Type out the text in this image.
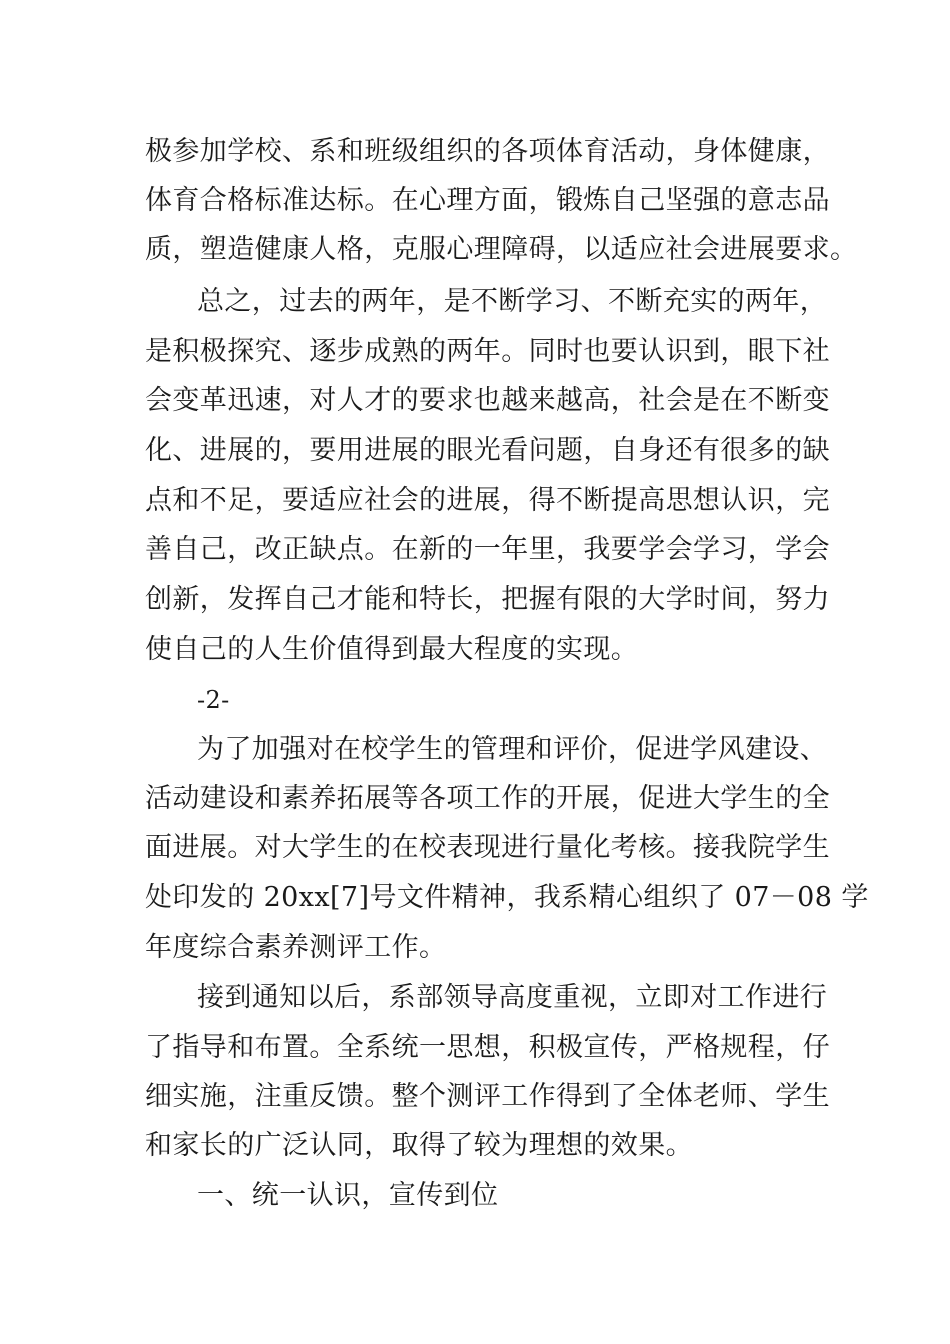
极参加学校、系和班级组织的各项体育活动，身体健康，
体育合格标准达标。在心理方面，锻炼自己坚强的意志品
质，塑造健康人格，克服心理障碍，以适应社会进展要求。
总之，过去的两年，是不断学习、不断充实的两年，
是积极探究、逐步成熟的两年。同时也要认识到，眼下社
会变革迅速，对人才的要求也越来越高，社会是在不断变
化、进展的，要用进展的眼光看问题，自身还有很多的缺
点和不足，要适应社会的进展，得不断提高思想认识，完
善自己，改正缺点。在新的一年里，我要学会学习，学会
创新，发挥自己才能和特长，把握有限的大学时间，努力
使自己的人生价值得到最大程度的实现。
-2-
为了加强对在校学生的管理和评价，促进学风建设、
活动建设和素养拓展等各项工作的开展，促进大学生的全
面进展。对大学生的在校表现进行量化考核。接我院学生
处印发的 20xx[7]号文件精神，我系精心组织了 07－08 学
年度综合素养测评工作。
接到通知以后，系部领导高度重视，立即对工作进行
了指导和布置。全系统一思想，积极宣传，严格规程，仔
细实施，注重反馈。整个测评工作得到了全体老师、学生
和家长的广泛认同，取得了较为理想的效果。
一、统一认识，宣传到位
